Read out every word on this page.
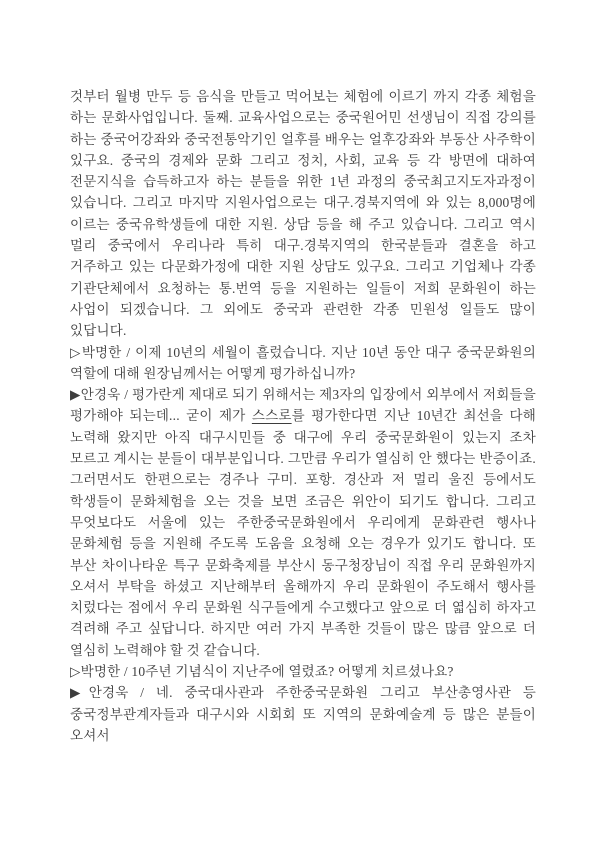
것부터 월병 만두 등 음식을 만들고 먹어보는 체험에 이르기 까지 각종 체험을 하는 문화사업입니다. 둘째. 교육사업으로는 중국원어민 선생님이 직접 강의를 하는 중국어강좌와 중국전통악기인 얼후를 배우는 얼후강좌와 부동산 사주학이 있구요. 중국의 경제와 문화 그리고 정치, 사회, 교육 등 각 방면에 대하여 전문지식을 습득하고자 하는 분들을 위한 1년 과정의 중국최고지도자과정이 있습니다. 그리고 마지막 지원사업으로는 대구.경북지역에 와 있는 8,000명에 이르는 중국유학생들에 대한 지원. 상담 등을 해 주고 있습니다. 그리고 역시 멀리 중국에서 우리나라 특히 대구.경북지역의 한국분들과 결혼을 하고 거주하고 있는 다문화가정에 대한 지원 상담도 있구요. 그리고 기업체나 각종 기관단체에서 요청하는 통.번역 등을 지원하는 일들이 저희 문화원이 하는 사업이 되겠습니다. 그 외에도 중국과 관련한 각종 민원성 일들도 많이 있답니다.

▷박명한 / 이제 10년의 세월이 흘렀습니다. 지난 10년 동안 대구 중국문화원의 역할에 대해 원장님께서는 어떻게 평가하십니까?

▶안경욱 / 평가란게 제대로 되기 위해서는 제3자의 입장에서 외부에서 저회들을 평가해야 되는데... 굳이 제가 스스로를 평가한다면 지난 10년간 최선을 다해 노력해 왔지만 아직 대구시민들 중 대구에 우리 중국문화원이 있는지 조차 모르고 계시는 분들이 대부분입니다. 그만큼 우리가 열심히 안 했다는 반증이죠. 그러면서도 한편으로는 경주나 구미. 포항. 경산과 저 멀리 울진 등에서도 학생들이 문화체험을 오는 것을 보면 조금은 위안이 되기도 합니다. 그리고 무엇보다도 서울에 있는 주한중국문화원에서 우리에게 문화관련 행사나 문화체험 등을 지원해 주도록 도움을 요청해 오는 경우가 있기도 합니다. 또 부산 차이나타운 특구 문화축제를 부산시 동구청장님이 직접 우리 문화원까지 오셔서 부탁을 하셨고 지난해부터 올해까지 우리 문화원이 주도해서 행사를 치렀다는 점에서 우리 문화원 식구들에게 수고했다고 앞으로 더 엷심히 하자고 격려해 주고 싶답니다. 하지만 여러 가지 부족한 것들이 많은 많큼 앞으로 더 열심히 노력해야 할 것 같습니다.

▷박명한 / 10주년 기념식이 지난주에 열렸죠? 어떻게 치르셨나요?

▶안경욱 / 네. 중국대사관과 주한중국문화원 그리고 부산총영사관 등 중국정부관계자들과 대구시와 시회회 또 지역의 문화예술계 등 많은 분들이 오셔서
